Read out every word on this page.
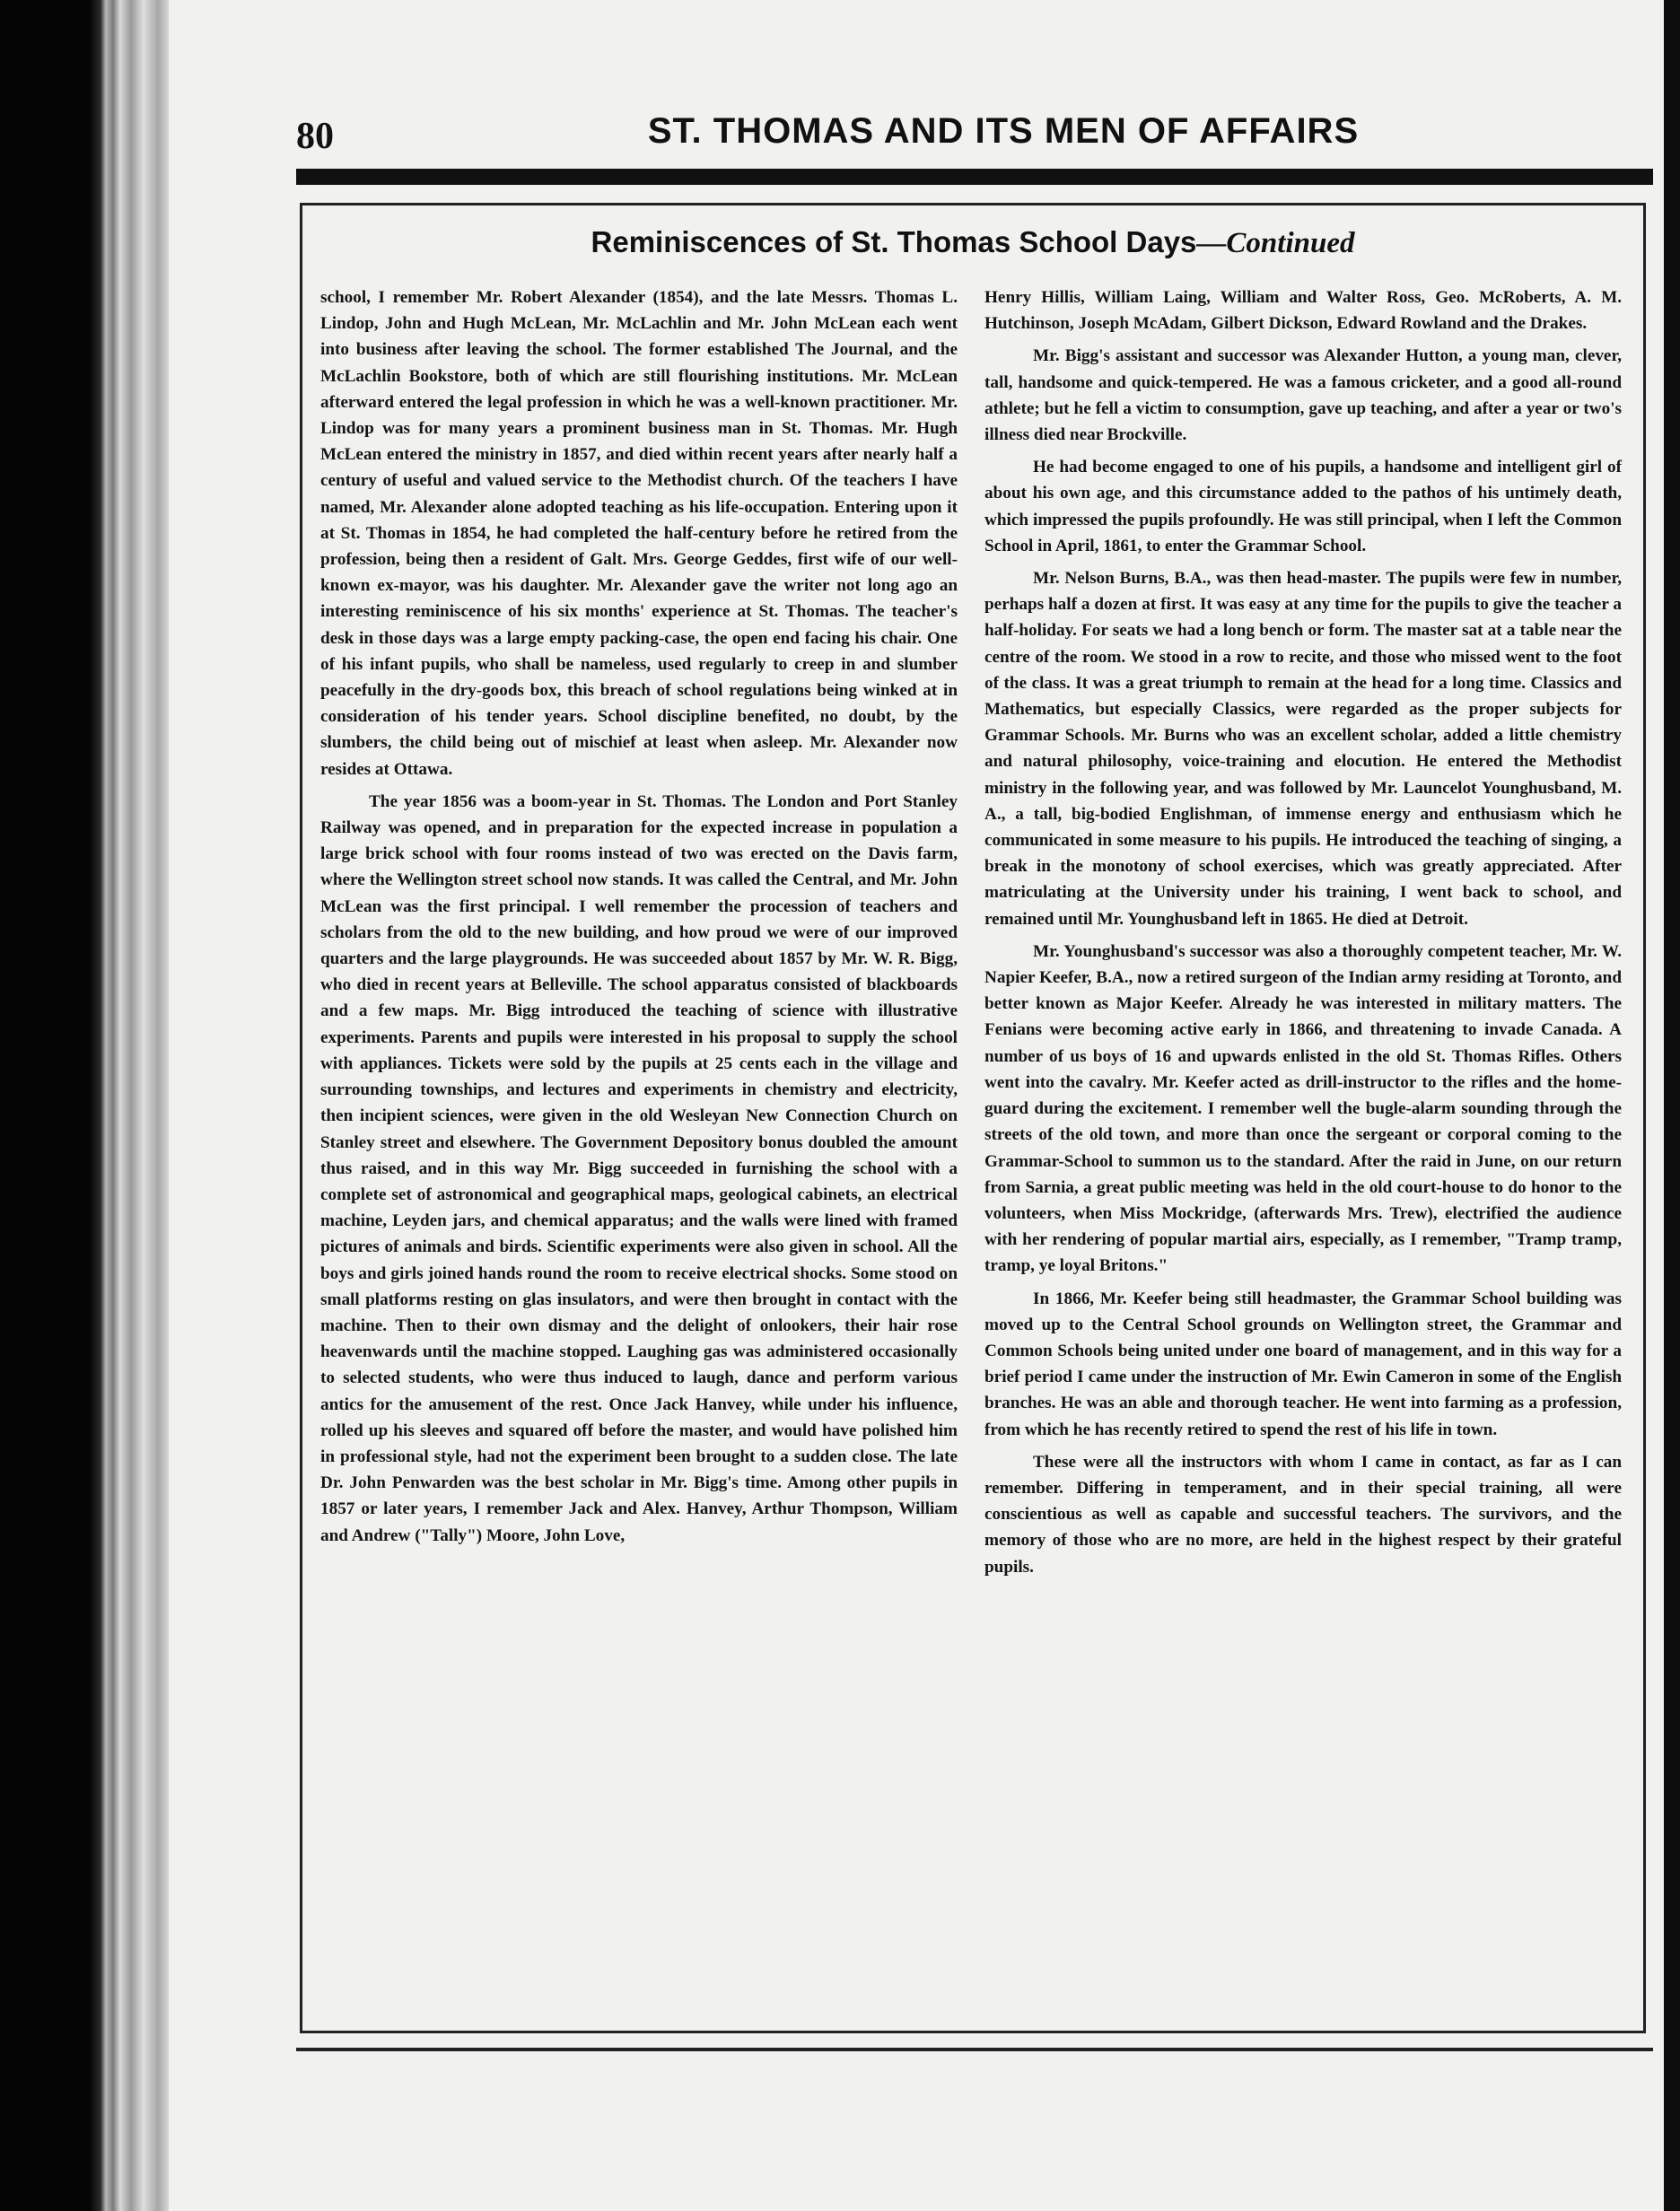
80	ST. THOMAS AND ITS MEN OF AFFAIRS
Reminiscences of St. Thomas School Days—Continued

school, I remember Mr. Robert Alexander (1854), and the late Messrs. Thomas L. Lindop, John and Hugh McLean, Mr. McLachlin and Mr. John McLean each went into business after leaving the school. The former established The Journal, and the McLachlin Bookstore, both of which are still flourishing institutions. Mr. McLean afterward entered the legal profession in which he was a well-known practitioner. Mr. Lindop was for many years a prominent business man in St. Thomas. Mr. Hugh McLean entered the ministry in 1857, and died within recent years after nearly half a century of useful and valued service to the Methodist church. Of the teachers I have named, Mr. Alexander alone adopted teaching as his life-occupation. Entering upon it at St. Thomas in 1854, he had completed the half-century before he retired from the profession, being then a resident of Galt. Mrs. George Geddes, first wife of our well-known ex-mayor, was his daughter. Mr. Alexander gave the writer not long ago an interesting reminiscence of his six months' experience at St. Thomas. The teacher's desk in those days was a large empty packing-case, the open end facing his chair. One of his infant pupils, who shall be nameless, used regularly to creep in and slumber peacefully in the dry-goods box, this breach of school regulations being winked at in consideration of his tender years. School discipline benefited, no doubt, by the slumbers, the child being out of mischief at least when asleep. Mr. Alexander now resides at Ottawa.

The year 1856 was a boom-year in St. Thomas. The London and Port Stanley Railway was opened, and in preparation for the expected increase in population a large brick school with four rooms instead of two was erected on the Davis farm, where the Wellington street school now stands. It was called the Central, and Mr. John McLean was the first principal. I well remember the procession of teachers and scholars from the old to the new building, and how proud we were of our improved quarters and the large playgrounds. He was succeeded about 1857 by Mr. W. R. Bigg, who died in recent years at Belleville. The school apparatus consisted of blackboards and a few maps. Mr. Bigg introduced the teaching of science with illustrative experiments. Parents and pupils were interested in his proposal to supply the school with appliances. Tickets were sold by the pupils at 25 cents each in the village and surrounding townships, and lectures and experiments in chemistry and electricity, then incipient sciences, were given in the old Wesleyan New Connection Church on Stanley street and elsewhere. The Government Depository bonus doubled the amount thus raised, and in this way Mr. Bigg succeeded in furnishing the school with a complete set of astronomical and geographical maps, geological cabinets, an electrical machine, Leyden jars, and chemical apparatus; and the walls were lined with framed pictures of animals and birds. Scientific experiments were also given in school. All the boys and girls joined hands round the room to receive electrical shocks. Some stood on small platforms resting on glas insulators, and were then brought in contact with the machine. Then to their own dismay and the delight of onlookers, their hair rose heavenwards until the machine stopped. Laughing gas was administered occasionally to selected students, who were thus induced to laugh, dance and perform various antics for the amusement of the rest. Once Jack Hanvey, while under his influence, rolled up his sleeves and squared off before the master, and would have polished him in professional style, had not the experiment been brought to a sudden close. The late Dr. John Penwarden was the best scholar in Mr. Bigg's time. Among other pupils in 1857 or later years, I remember Jack and Alex. Hanvey, Arthur Thompson, William and Andrew ("Tally") Moore, John Love,

Henry Hillis, William Laing, William and Walter Ross, Geo. McRoberts, A. M. Hutchinson, Joseph McAdam, Gilbert Dickson, Edward Rowland and the Drakes.

Mr. Bigg's assistant and successor was Alexander Hutton, a young man, clever, tall, handsome and quick-tempered. He was a famous cricketer, and a good all-round athlete; but he fell a victim to consumption, gave up teaching, and after a year or two's illness died near Brockville.

He had become engaged to one of his pupils, a handsome and intelligent girl of about his own age, and this circumstance added to the pathos of his untimely death, which impressed the pupils profoundly. He was still principal, when I left the Common School in April, 1861, to enter the Grammar School.

Mr. Nelson Burns, B.A., was then head-master. The pupils were few in number, perhaps half a dozen at first. It was easy at any time for the pupils to give the teacher a half-holiday. For seats we had a long bench or form. The master sat at a table near the centre of the room. We stood in a row to recite, and those who missed went to the foot of the class. It was a great triumph to remain at the head for a long time. Classics and Mathematics, but especially Classics, were regarded as the proper subjects for Grammar Schools. Mr. Burns who was an excellent scholar, added a little chemistry and natural philosophy, voice-training and elocution. He entered the Methodist ministry in the following year, and was followed by Mr. Launcelot Younghusband, M. A., a tall, big-bodied Englishman, of immense energy and enthusiasm which he communicated in some measure to his pupils. He introduced the teaching of singing, a break in the monotony of school exercises, which was greatly appreciated. After matriculating at the University under his training, I went back to school, and remained until Mr. Younghusband left in 1865. He died at Detroit.

Mr. Younghusband's successor was also a thoroughly competent teacher, Mr. W. Napier Keefer, B.A., now a retired surgeon of the Indian army residing at Toronto, and better known as Major Keefer. Already he was interested in military matters. The Fenians were becoming active early in 1866, and threatening to invade Canada. A number of us boys of 16 and upwards enlisted in the old St. Thomas Rifles. Others went into the cavalry. Mr. Keefer acted as drill-instructor to the rifles and the home-guard during the excitement. I remember well the bugle-alarm sounding through the streets of the old town, and more than once the sergeant or corporal coming to the Grammar-School to summon us to the standard. After the raid in June, on our return from Sarnia, a great public meeting was held in the old court-house to do honor to the volunteers, when Miss Mockridge, (afterwards Mrs. Trew), electrified the audience with her rendering of popular martial airs, especially, as I remember, "Tramp tramp, tramp, ye loyal Britons."

In 1866, Mr. Keefer being still headmaster, the Grammar School building was moved up to the Central School grounds on Wellington street, the Grammar and Common Schools being united under one board of management, and in this way for a brief period I came under the instruction of Mr. Ewin Cameron in some of the English branches. He was an able and thorough teacher. He went into farming as a profession, from which he has recently retired to spend the rest of his life in town.

These were all the instructors with whom I came in contact, as far as I can remember. Differing in temperament, and in their special training, all were conscientious as well as capable and successful teachers. The survivors, and the memory of those who are no more, are held in the highest respect by their grateful pupils.
